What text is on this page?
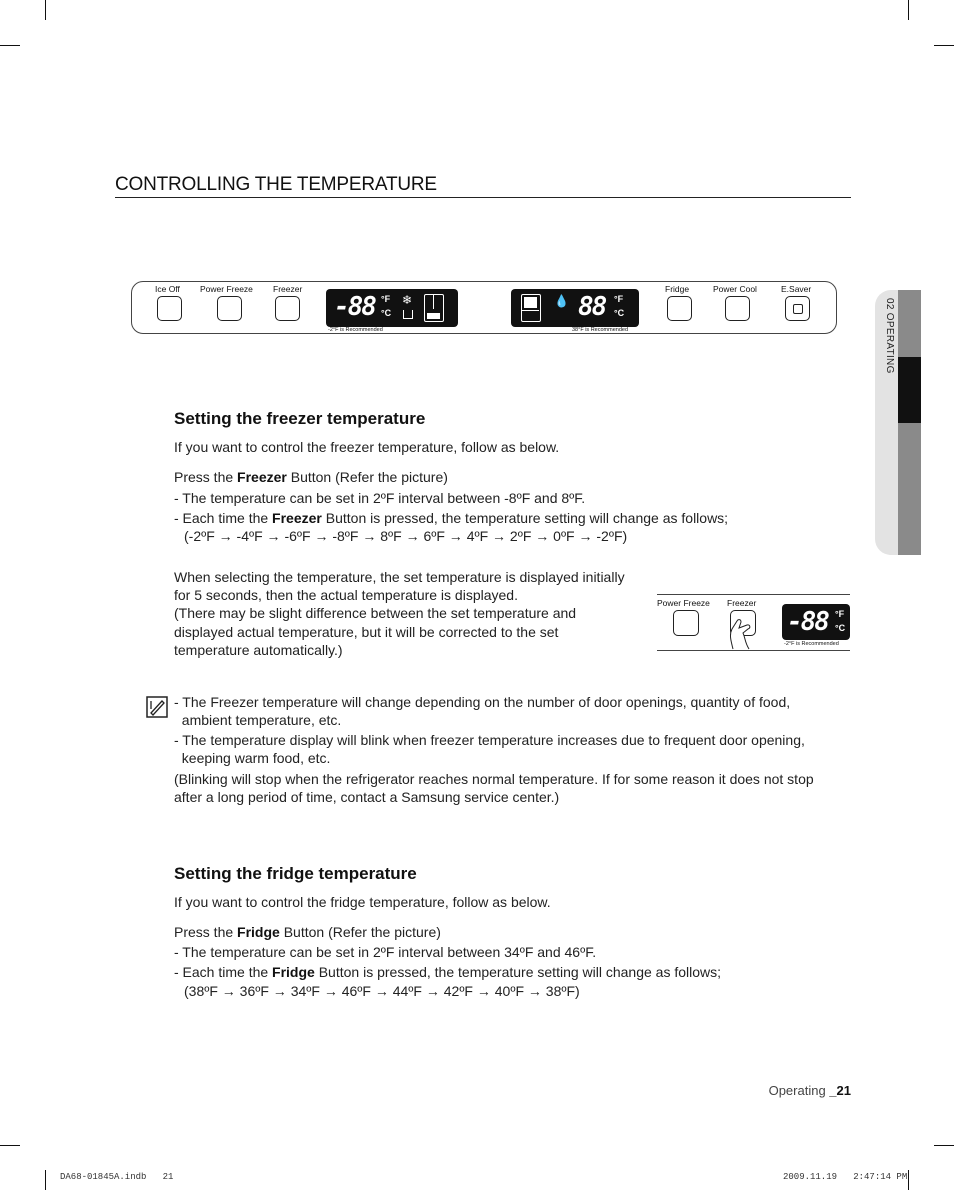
CONTROLLING THE TEMPERATURE
02 OPERATING
Ice Off Power Freeze Freezer
-88 °F
°C
❄
-2°F is Recommended
💧 88 °F
°C
38°F is Recommended
Fridge	Power Cool	E.Saver
Setting the freezer temperature
If you want to control the freezer temperature, follow as below.
Press the Freezer Button (Refer the picture)
- The temperature can be set in 2ºF interval between -8ºF and 8ºF.
- Each time the Freezer Button is pressed, the temperature setting will change as follows;
(-2ºF → -4ºF → -6ºF → -8ºF → 8ºF → 6ºF → 4ºF → 2ºF → 0ºF → -2ºF)
When selecting the temperature, the set temperature is displayed initially
for 5 seconds, then the actual temperature is displayed.
(There may be slight difference between the set temperature and
displayed actual temperature, but it will be corrected to the set
temperature automatically.)
Power Freeze Freezer
-88 °F
°C
-2°F is Recommended
- The Freezer temperature will change depending on the number of door openings, quantity of food,
ambient temperature, etc.
- The temperature display will blink when freezer temperature increases due to frequent door opening,
keeping warm food, etc.
(Blinking will stop when the refrigerator reaches normal temperature. If for some reason it does not stop
after a long period of time, contact a Samsung service center.)
Setting the fridge temperature
If you want to control the fridge temperature, follow as below.
Press the Fridge Button (Refer the picture)
- The temperature can be set in 2ºF interval between 34ºF and 46ºF.
- Each time the Fridge Button is pressed, the temperature setting will change as follows;
(38ºF → 36ºF → 34ºF → 46ºF → 44ºF → 42ºF → 40ºF → 38ºF)
Operating _21
DA68-01845A.indb   21	2009.11.19   2:47:14 PM
